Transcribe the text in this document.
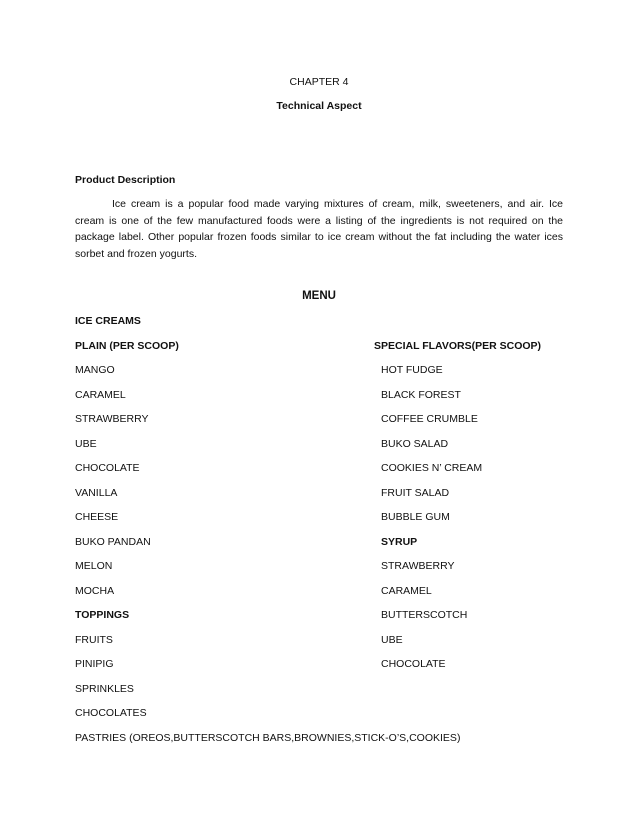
CHAPTER 4
Technical Aspect
Product Description
Ice cream is a popular food made varying mixtures of cream, milk, sweeteners, and air. Ice cream is one of the few manufactured foods were a listing of the ingredients is not required on the package label. Other popular frozen foods similar to ice cream without the fat including the water ices sorbet and frozen yogurts.
MENU
ICE CREAMS
PLAIN (PER SCOOP)
MANGO
CARAMEL
STRAWBERRY
UBE
CHOCOLATE
VANILLA
CHEESE
BUKO PANDAN
MELON
MOCHA
TOPPINGS
FRUITS
PINIPIG
SPRINKLES
CHOCOLATES
SPECIAL FLAVORS(PER SCOOP)
HOT FUDGE
BLACK FOREST
COFFEE CRUMBLE
BUKO SALAD
COOKIES N’ CREAM
FRUIT SALAD
BUBBLE GUM
SYRUP
STRAWBERRY
CARAMEL
BUTTERSCOTCH
UBE
CHOCOLATE
PASTRIES (OREOS,BUTTERSCOTCH BARS,BROWNIES,STICK-O’S,COOKIES)
